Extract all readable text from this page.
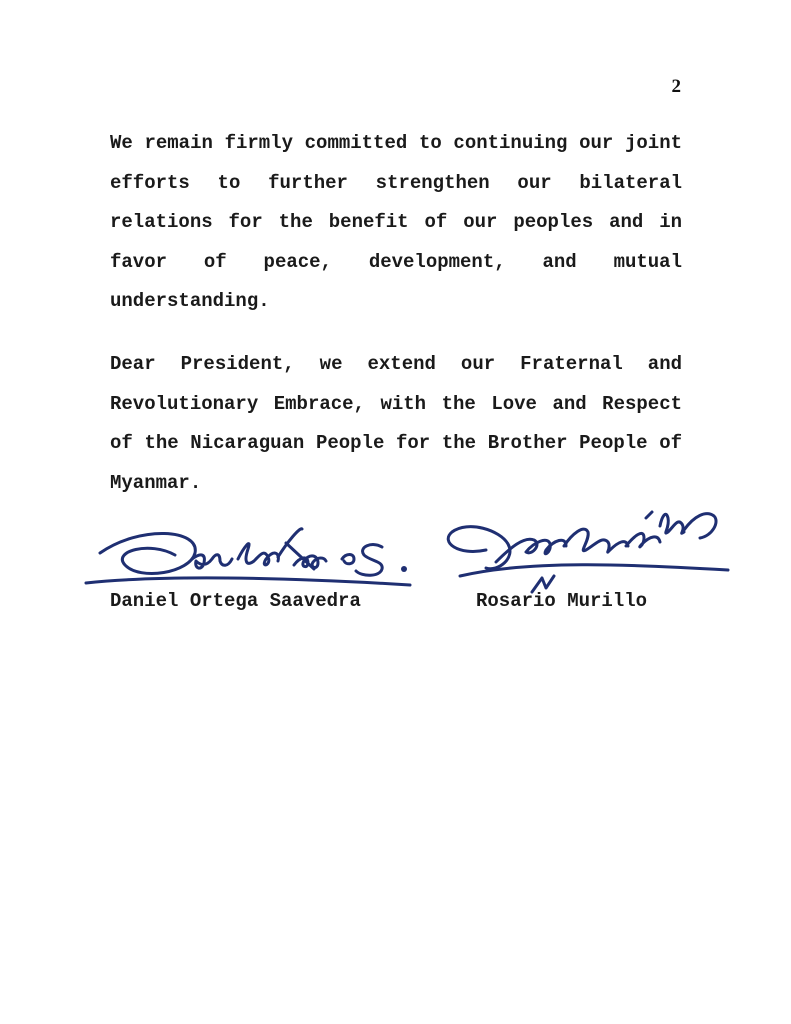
2

We remain firmly committed to continuing our joint efforts to further strengthen our bilateral relations for the benefit of our peoples and in favor of peace, development, and mutual understanding.

Dear President, we extend our Fraternal and Revolutionary Embrace, with the Love and Respect of the Nicaraguan People for the Brother People of Myanmar.

Daniel Ortega Saavedra	Rosario Murillo
